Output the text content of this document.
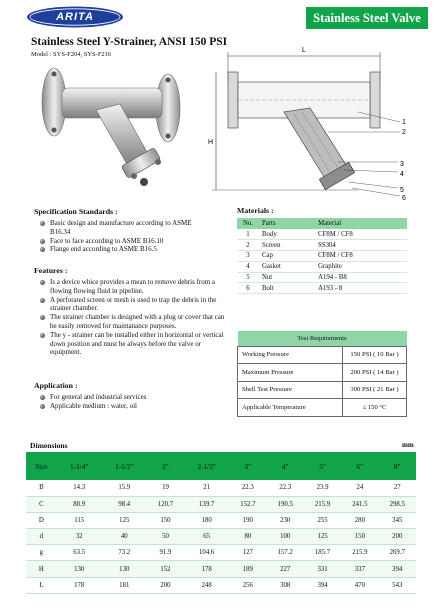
ARITA	Stainless Steel Valve
Stainless Steel Y-Strainer, ANSI 150 PSI
Model : SYS-F204, SYS-F216
L
H
1
2
3
4
5
6
Specification Standards :
Basic design and manufacture according to ASME B16.34
Face to face according to ASME B16.10
Flange end according to ASME B16.5
Features :
Is a device whice provides a mean to remove debris from a flowing flowing fluid in pipeline.
A perforated screen or mesh is used to trap the debris in the strainer chamber.
The strainer chamber is designed with a plug or cover that can be easily removed for maintanance purposes.
The y - strainer can be installed either in horizontal or vertical down position and must be always before the valve or equipment.
Application :
For general and industrial services
Applicable medium : water, oil
Materials :
No.	Parts	Material
1	Body	CF8M / CF8
2	Screen	SS304
3	Cap	CF8M / CF8
4	Gasket	Graphite
5	Nut	A194 - B8
6	Bolt	A193 - 8
Test Requirements	
Working Pressure	150 PSI ( 10 Bar )
Maximum Pressure	200 PSI ( 14 Bar )
Shell Test Pressure	300 PSI ( 21 Bar )
Applicable Temperature	≤ 150 °C
Dimensions	mm
Size	1-1/4″	1-1/2″	2″	2-1/2″	3″	4″	5″	6″	8″
B	14.3	15.9	19	21	22.3	22.3	23.9	24	27
C	88.9	98.4	120.7	139.7	152.7	190.5	215.9	241.5	298.5
D	115	125	150	180	190	230	255	280	345
d	32	40	50	65	80	100	125	150	200
g	63.5	73.2	91.9	104.6	127	157.2	185.7	215.9	269.7
H	130	130	152	178	189	227	331	337	394
L	178	181	200	248	256	308	394	470	543
